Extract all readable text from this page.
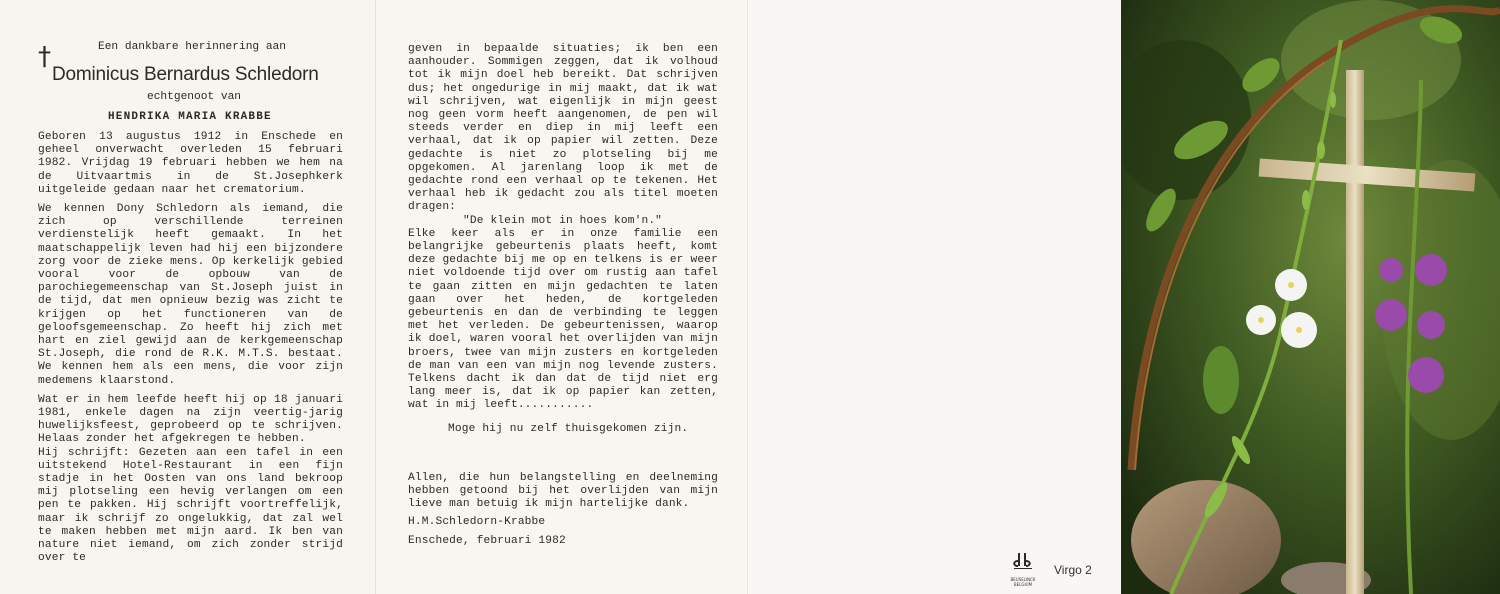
†	Een dankbare herinnering aan
Dominicus Bernardus Schledorn
echtgenoot van
HENDRIKA MARIA KRABBE

Geboren 13 augustus 1912 in Enschede en geheel onverwacht overleden 15 februari 1982. Vrijdag 19 februari hebben we hem na de Uitvaartmis in de St.Josephkerk uitgeleide gedaan naar het crematorium.

We kennen Dony Schledorn als iemand, die zich op verschillende terreinen verdienstelijk heeft gemaakt. In het maatschappelijk leven had hij een bijzondere zorg voor de zieke mens. Op kerkelijk gebied vooral voor de opbouw van de parochiegemeenschap van St.Joseph juist in de tijd, dat men opnieuw bezig was zicht te krijgen op het functioneren van de geloofsgemeenschap. Zo heeft hij zich met hart en ziel gewijd aan de kerkgemeenschap St.Joseph, die rond de R.K. M.T.S. bestaat. We kennen hem als een mens, die voor zijn medemens klaarstond.

Wat er in hem leefde heeft hij op 18 januari 1981, enkele dagen na zijn veertig-jarig huwelijksfeest, geprobeerd op te schrijven. Helaas zonder het afgekregen te hebben.

Hij schrijft: Gezeten aan een tafel in een uitstekend Hotel-Restaurant in een fijn stadje in het Oosten van ons land bekroop mij plotseling een hevig verlangen om een pen te pakken. Hij schrijft voortreffelijk, maar ik schrijf zo ongelukkig, dat zal wel te maken hebben met mijn aard. Ik ben van nature niet iemand, om zich zonder strijd over te

geven in bepaalde situaties; ik ben een aanhouder. Sommigen zeggen, dat ik volhoud tot ik mijn doel heb bereikt. Dat schrijven dus; het ongedurige in mij maakt, dat ik wat wil schrijven, wat eigenlijk in mijn geest nog geen vorm heeft aangenomen, de pen wil steeds verder en diep in mij leeft een verhaal, dat ik op papier wil zetten. Deze gedachte is niet zo plotseling bij me opgekomen. Al jarenlang loop ik met de gedachte rond een verhaal op te tekenen. Het verhaal heb ik gedacht zou als titel moeten dragen:

"De klein mot in hoes kom'n."

Elke keer als er in onze familie een belangrijke gebeurtenis plaats heeft, komt deze gedachte bij me op en telkens is er weer niet voldoende tijd over om rustig aan tafel te gaan zitten en mijn gedachten te laten gaan over het heden, de kortgeleden gebeurtenis en dan de verbinding te leggen met het verleden. De gebeurtenissen, waarop ik doel, waren vooral het overlijden van mijn broers, twee van mijn zusters en kortgeleden de man van een van mijn nog levende zusters. Telkens dacht ik dan dat de tijd niet erg lang meer is, dat ik op papier kan zetten, wat in mij leeft...........

Moge hij nu zelf thuisgekomen zijn.

Allen, die hun belangstelling en deelneming hebben getoond bij het overlijden van mijn lieve man betuig ik mijn hartelijke dank.

H.M.Schledorn-Krabbe

Enschede, februari 1982

BEUSELINCK
BELGIUM
Virgo 2
